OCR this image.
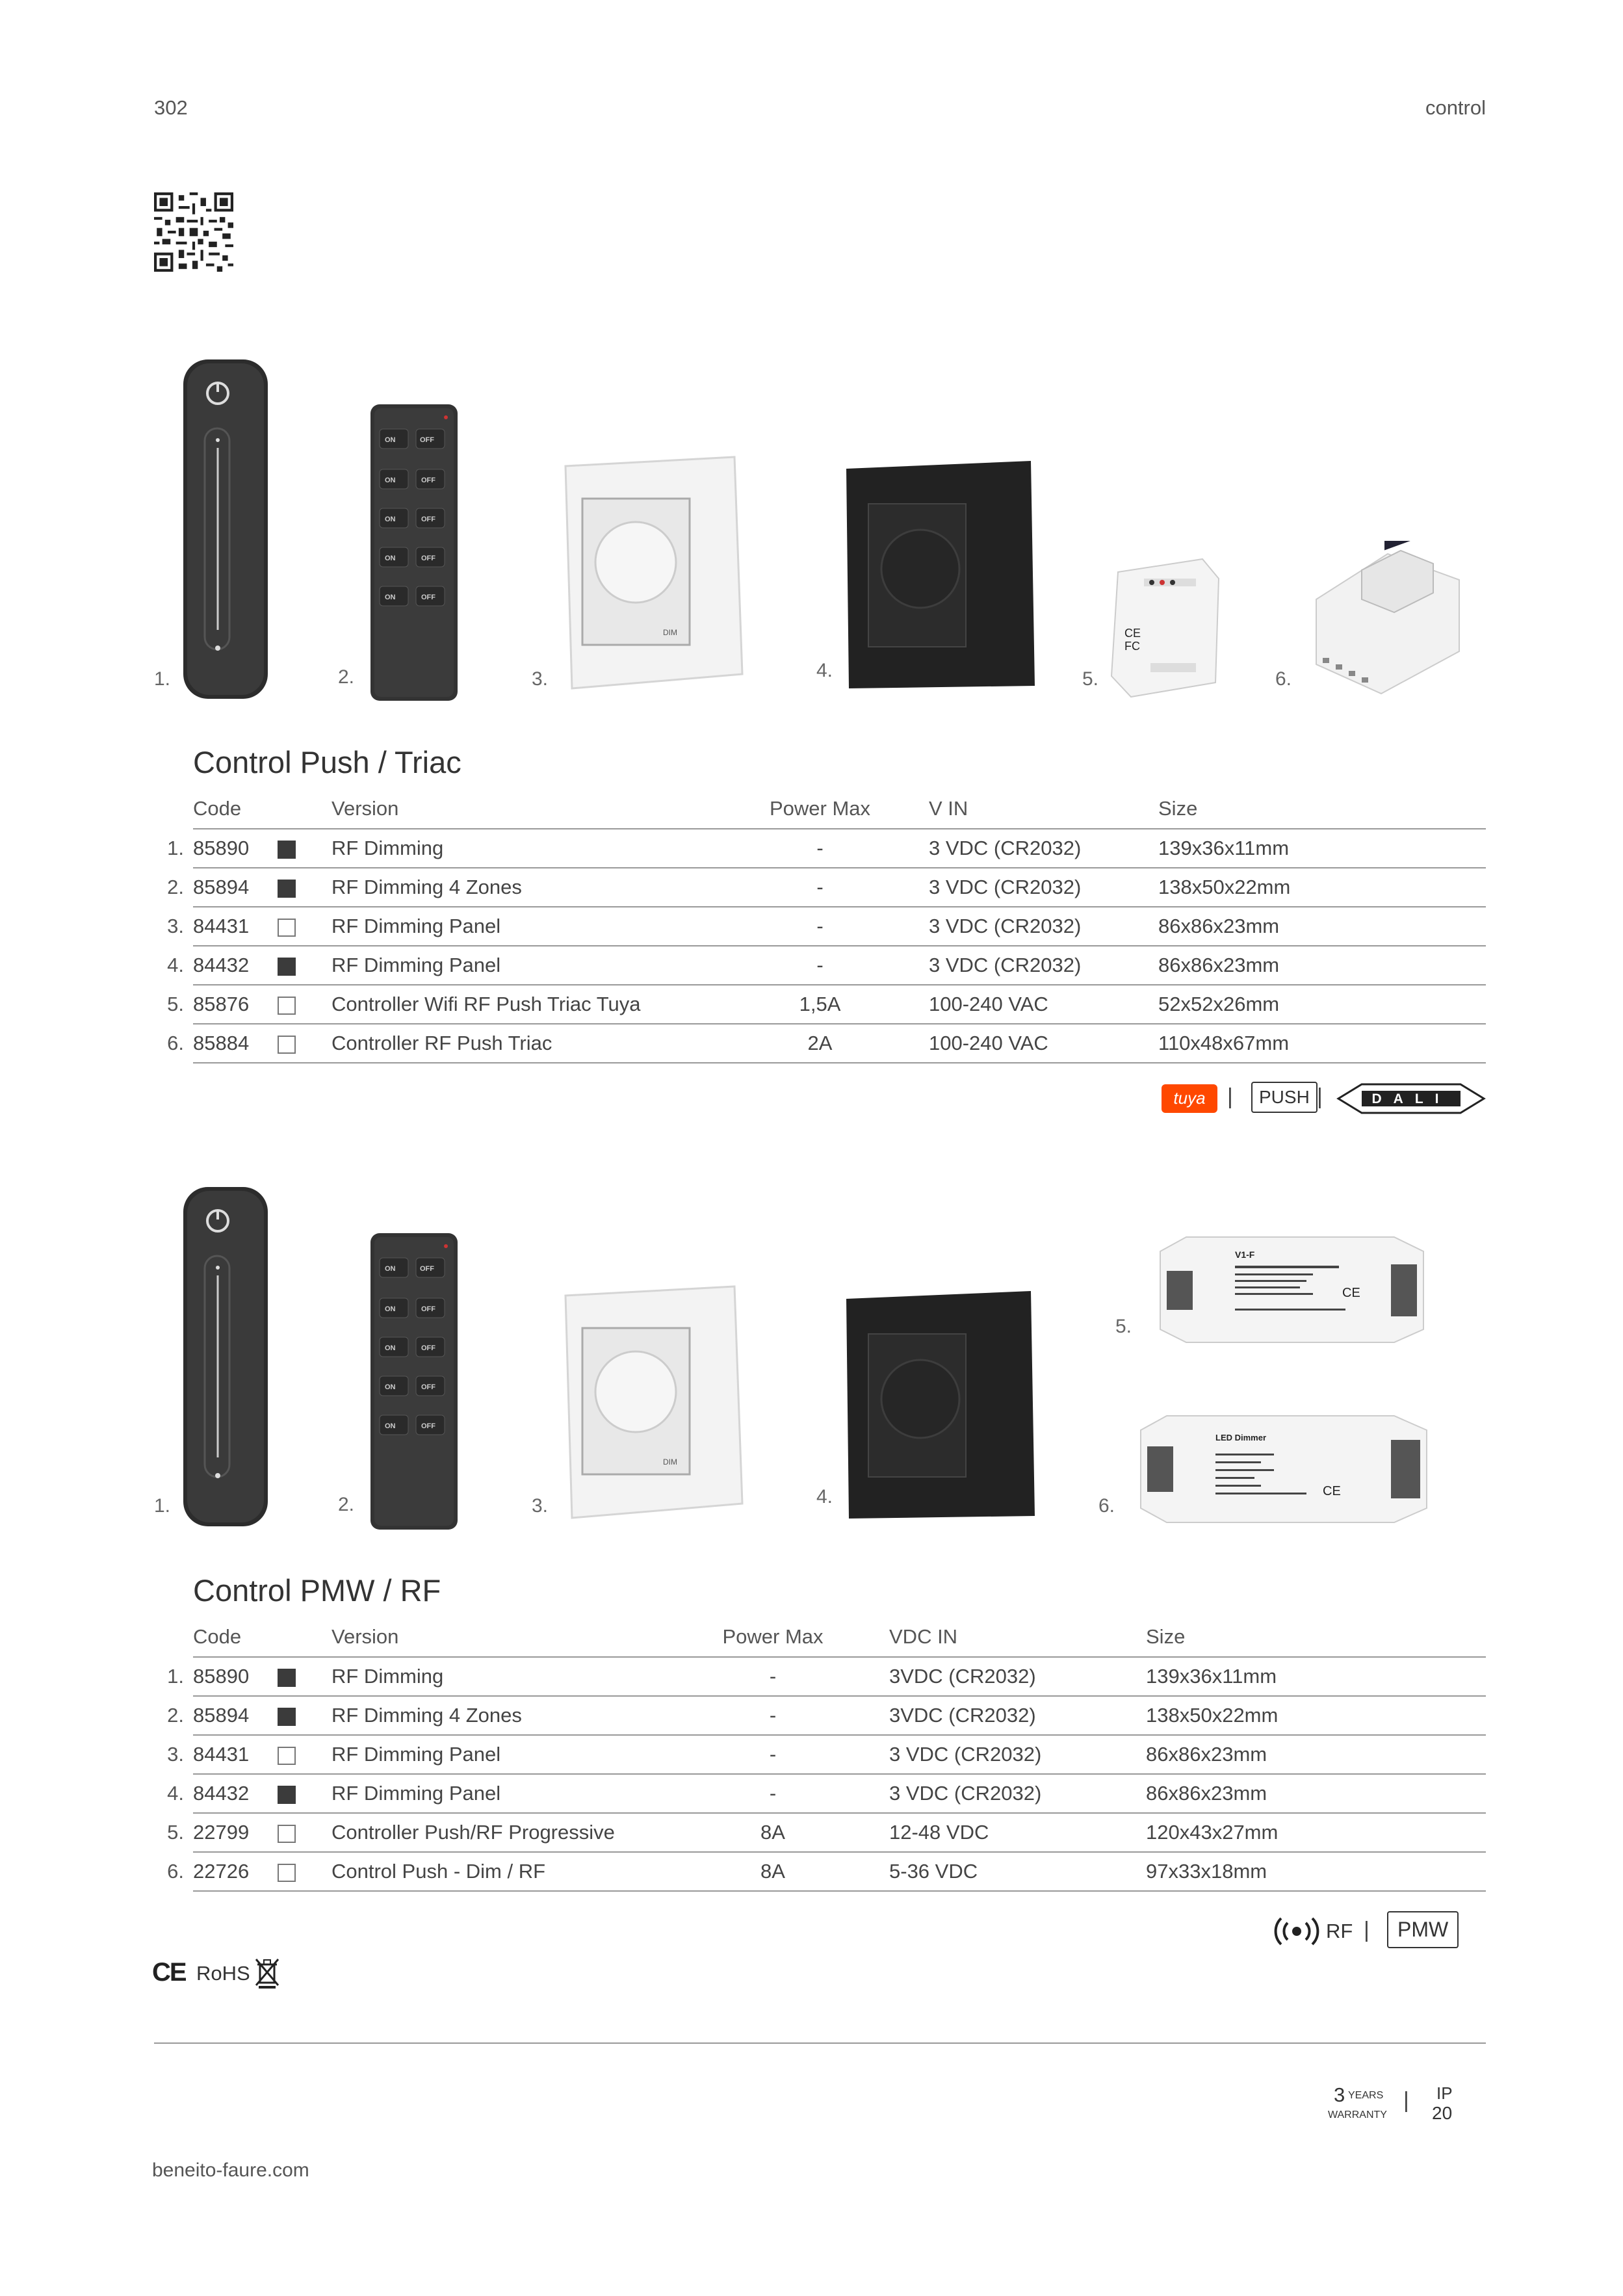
302	control
ON	OFF
ON	OFF
ON	OFF
ON	OFF
ON	OFF
DIM	CE
FC
1.	2.	3.	4.	5.	6.
Control Push / Triac
	Code		Version	Power Max	V IN	Size
1.	85890		RF Dimming	-	3 VDC (CR2032)	139x36x11mm
2.	85894		RF Dimming 4 Zones	-	3 VDC (CR2032)	138x50x22mm
3.	84431		RF Dimming Panel	-	3 VDC (CR2032)	86x86x23mm
4.	84432		RF Dimming Panel	-	3 VDC (CR2032)	86x86x23mm
5.	85876		Controller Wifi RF Push Triac Tuya	1,5A	100-240 VAC	52x52x26mm
6.	85884		Controller RF Push Triac	2A	100-240 VAC	110x48x67mm
tuya |	PUSH |	DALI
ON	OFF
ON	OFF
ON	OFF
ON	OFF
ON	OFF
DIM
V1-F
CE
LED Dimmer
CE
1.	2.	3.	4.
5.
6.
Control PMW / RF
	Code		Version	Power Max	VDC IN	Size
1.	85890		RF Dimming	-	3VDC (CR2032)	139x36x11mm
2.	85894		RF Dimming 4 Zones	-	3VDC (CR2032)	138x50x22mm
3.	84431		RF Dimming Panel	-	3 VDC (CR2032)	86x86x23mm
4.	84432		RF Dimming Panel	-	3 VDC (CR2032)	86x86x23mm
5.	22799		Controller Push/RF Progressive	8A	12-48 VDC	120x43x27mm
6.	22726		Control Push - Dim / RF	8A	5-36 VDC	97x33x18mm
RF |	PMW
CE RoHS
3 YEARS
WARRANTY
| IP
20
beneito-faure.com
